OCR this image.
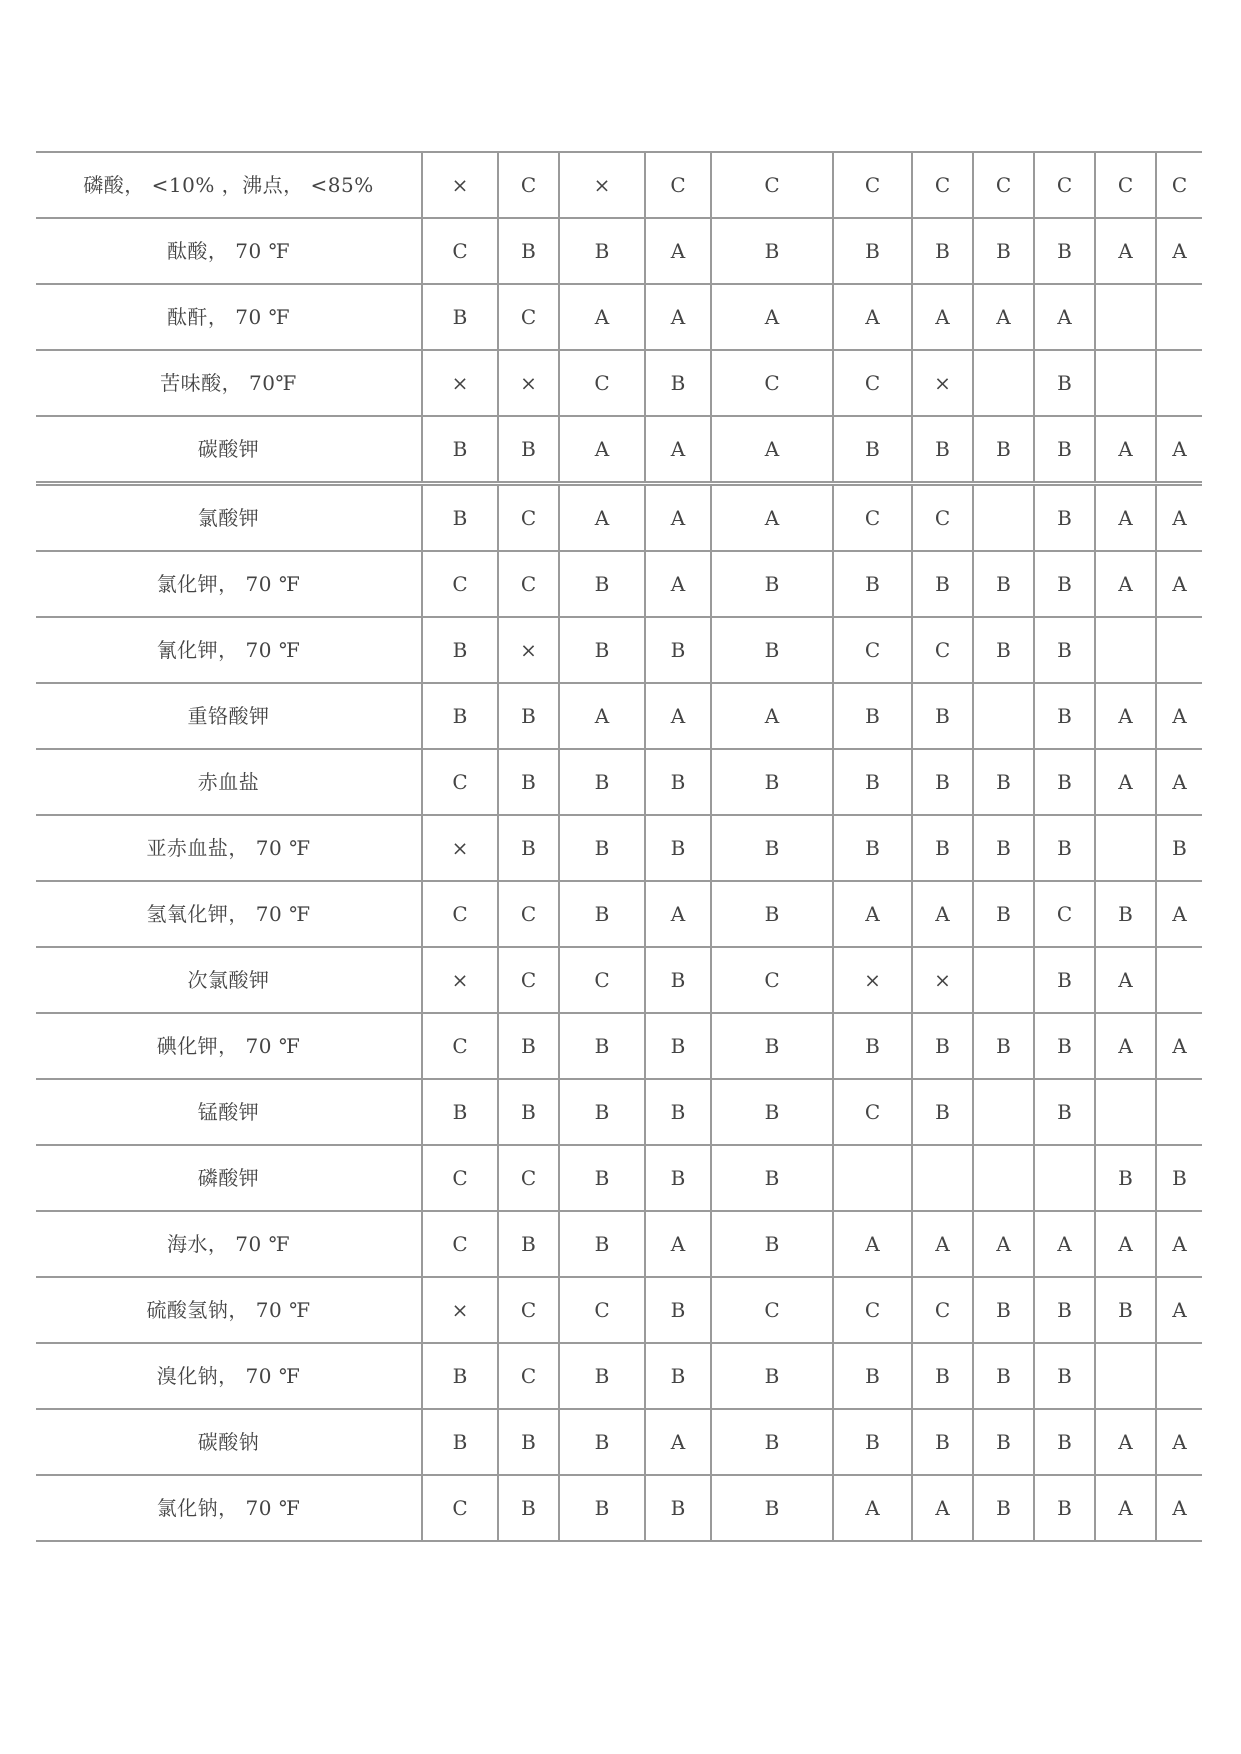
磷酸， <10% ，沸点， <85%	×	C	×	C	C	C	C	C	C	C	C
酞酸， 70 ℉	C	B	B	A	B	B	B	B	B	A	A
酞酐， 70 ℉	B	C	A	A	A	A	A	A	A		
苦味酸， 70℉	×	×	C	B	C	C	×		B		
碳酸钾	B	B	A	A	A	B	B	B	B	A	A
氯酸钾	B	C	A	A	A	C	C		B	A	A
氯化钾， 70 ℉	C	C	B	A	B	B	B	B	B	A	A
氰化钾， 70 ℉	B	×	B	B	B	C	C	B	B		
重铬酸钾	B	B	A	A	A	B	B		B	A	A
赤血盐	C	B	B	B	B	B	B	B	B	A	A
亚赤血盐， 70 ℉	×	B	B	B	B	B	B	B	B		B
氢氧化钾， 70 ℉	C	C	B	A	B	A	A	B	C	B	A
次氯酸钾	×	C	C	B	C	×	×		B	A	
碘化钾， 70 ℉	C	B	B	B	B	B	B	B	B	A	A
锰酸钾	B	B	B	B	B	C	B		B		
磷酸钾	C	C	B	B	B					B	B
海水， 70 ℉	C	B	B	A	B	A	A	A	A	A	A
硫酸氢钠， 70 ℉	×	C	C	B	C	C	C	B	B	B	A
溴化钠， 70 ℉	B	C	B	B	B	B	B	B	B		
碳酸钠	B	B	B	A	B	B	B	B	B	A	A
氯化钠， 70 ℉	C	B	B	B	B	A	A	B	B	A	A
